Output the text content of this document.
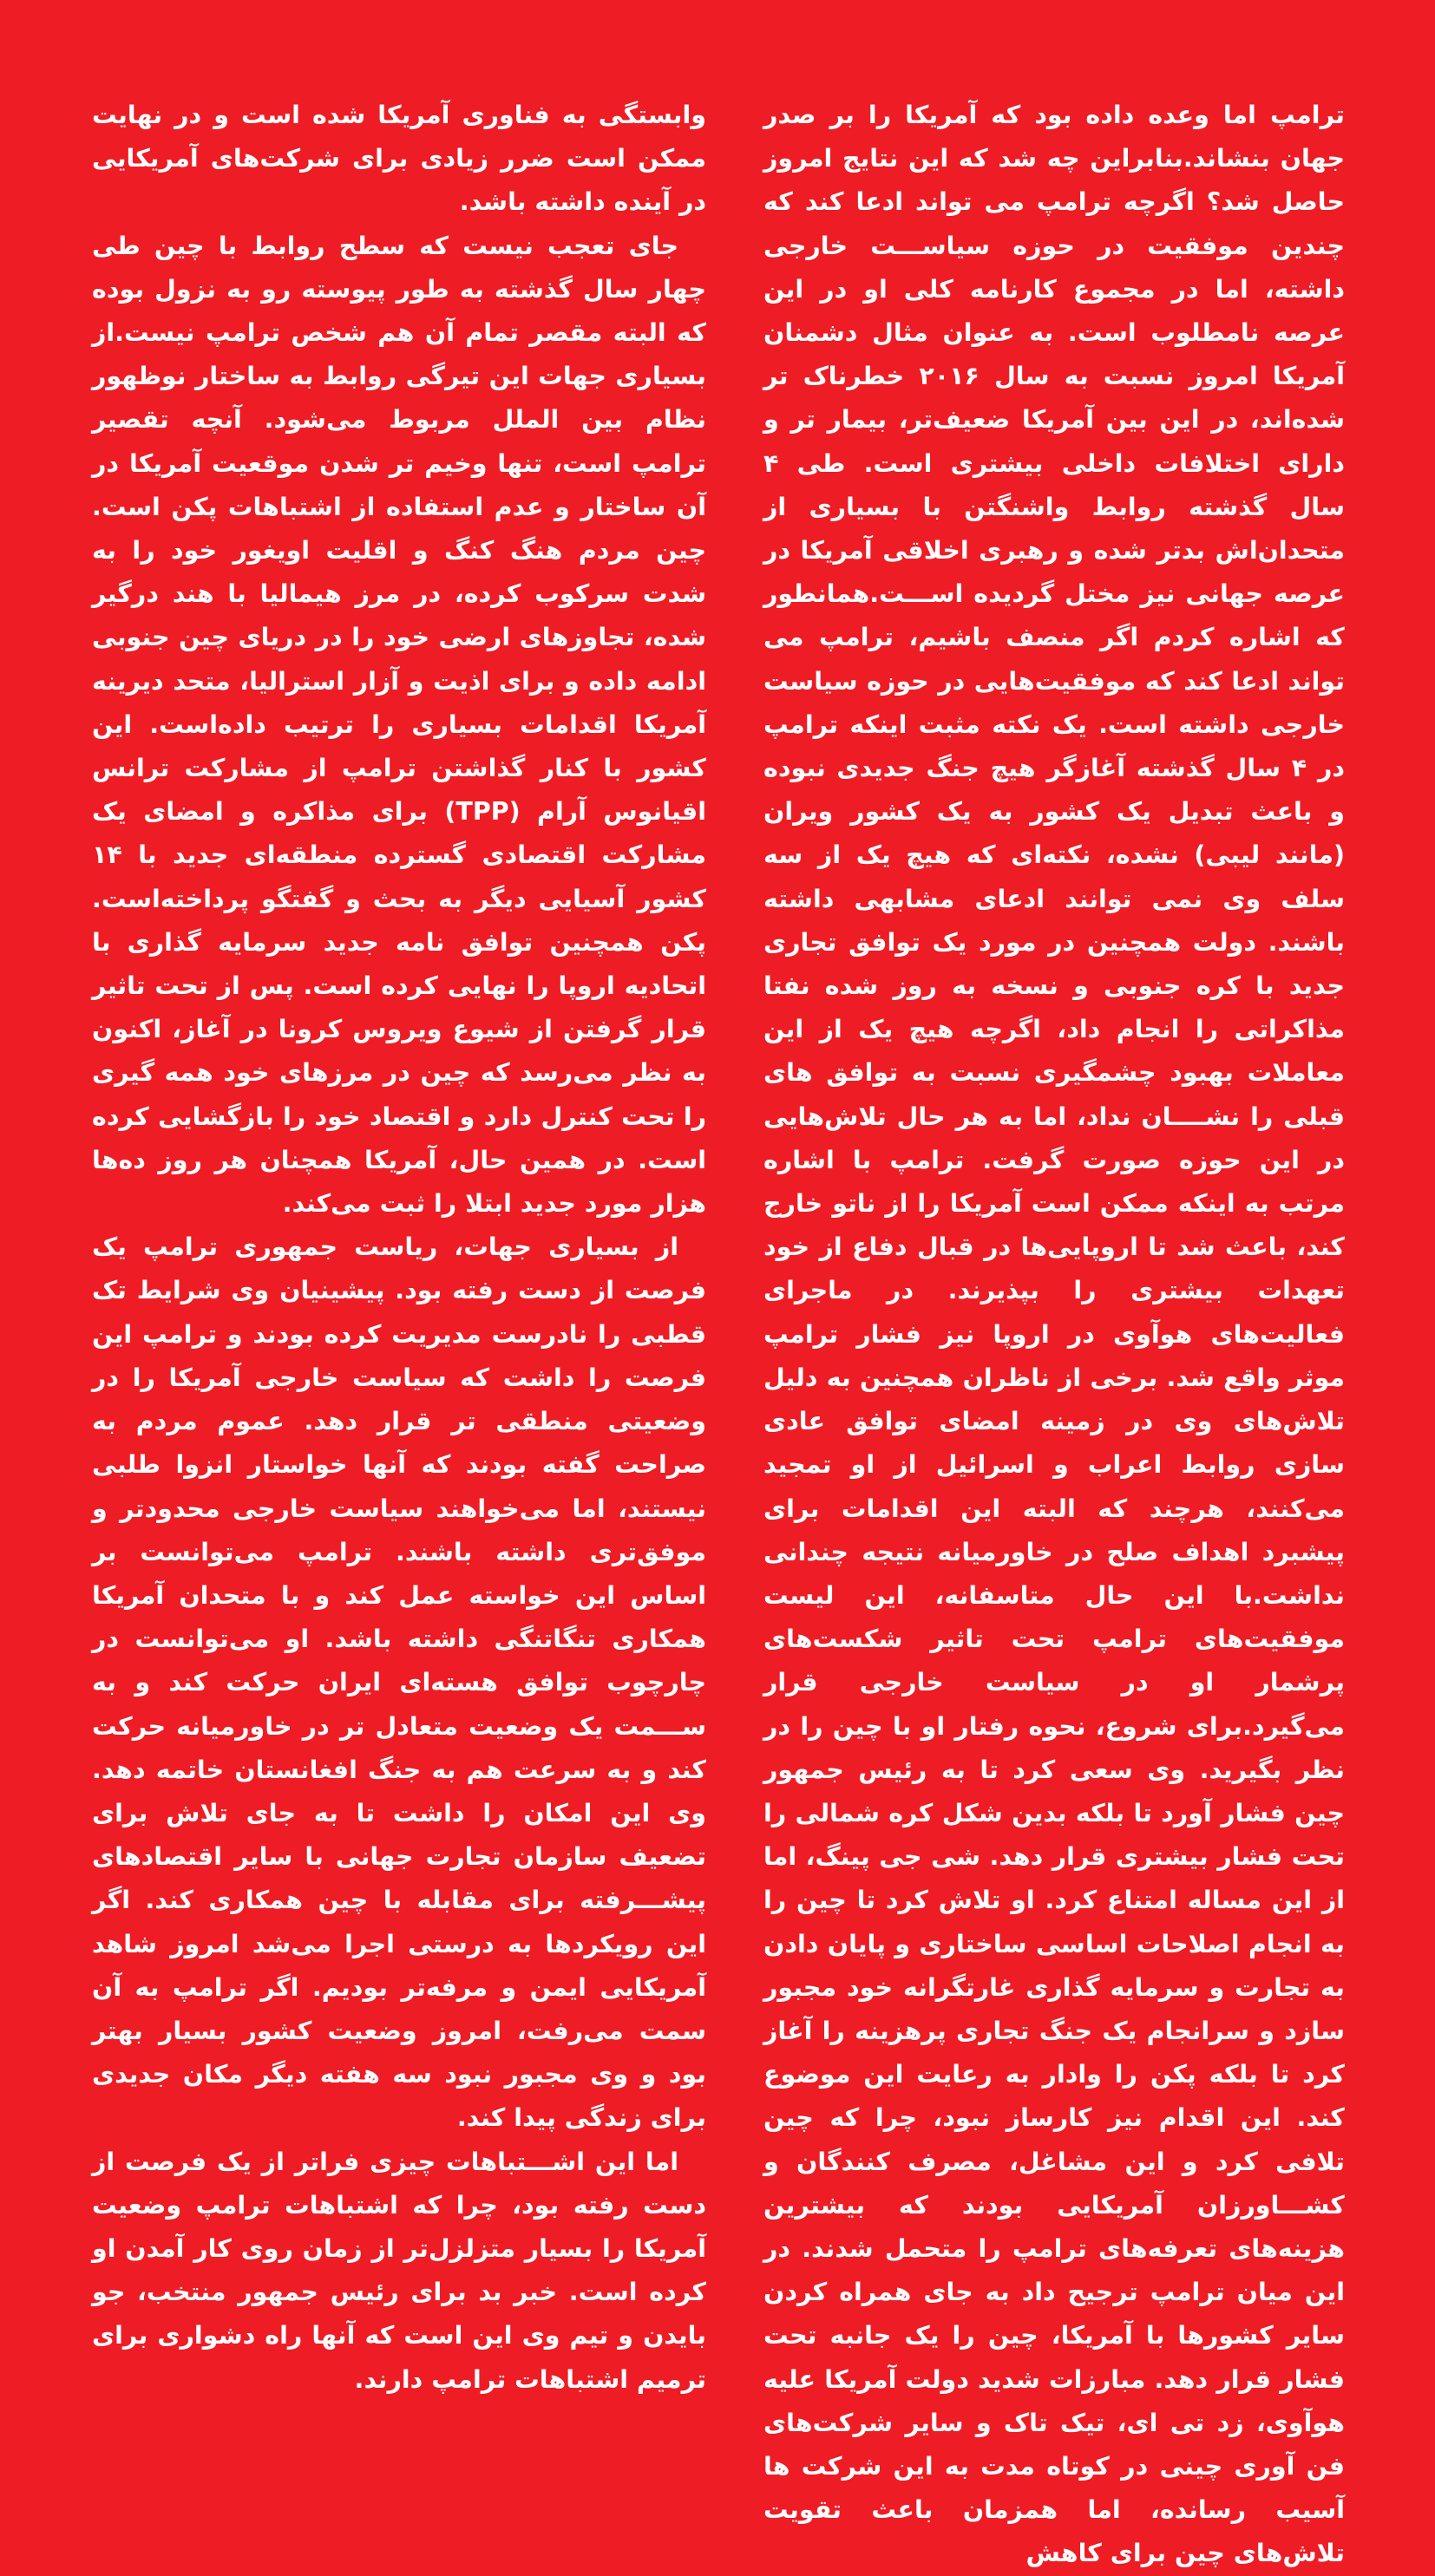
ترامپ اما وعده داده بود که آمریکا را بر صدر جهان بنشاند.بنابراین چه شد که این نتایج امروز حاصل شد؟ اگرچه ترامپ می تواند ادعا کند که چندین موفقیت در حوزه سیاســـت خارجی داشته، اما در مجموع کارنامه کلی او در این عرصه نامطلوب است. به عنوان مثال دشمنان آمریکا امروز نسبت به سال ۲۰۱۶ خطرناک تر شده‌اند، در این بین آمریکا ضعیف‌تر، بیمار تر و دارای اختلافات داخلی بیشتری است. طی ۴ سال گذشته روابط واشنگتن با بسیاری از متحدان‌اش بدتر شده و رهبری اخلاقی آمریکا در عرصه جهانی نیز مختل گردیده اســـت.همانطور که اشاره کردم اگر منصف باشیم، ترامپ می تواند ادعا کند که موفقیت‌هایی در حوزه سیاست خارجی داشته است. یک نکته مثبت اینکه ترامپ در ۴ سال گذشته آغازگر هیچ جنگ جدیدی نبوده و باعث تبدیل یک کشور به یک کشور ویران (مانند لیبی) نشده، نکته‌ای که هیچ یک از سه سلف وی نمی توانند ادعای مشابهی داشته باشند. دولت همچنین در مورد یک توافق تجاری جدید با کره جنوبی و نسخه به روز شده نفتا مذاکراتی را انجام داد، اگرچه هیچ یک از این معاملات بهبود چشمگیری نسبت به توافق های قبلی را نشــــان نداد، اما به هر حال تلاش‌هایی در این حوزه صورت گرفت. ترامپ با اشاره مرتب به اینکه ممکن است آمریکا را از ناتو خارج کند، باعث شد تا اروپایی‌ها در قبال دفاع از خود تعهدات بیشتری را بپذیرند. در ماجرای فعالیت‌های هوآوی در اروپا نیز فشار ترامپ موثر واقع شد. برخی از ناظران همچنین به دلیل تلاش‌های وی در زمینه امضای توافق عادی سازی روابط اعراب و اسرائیل از او تمجید می‌کنند، هرچند که البته این اقدامات برای پیشبرد اهداف صلح در خاورمیانه نتیجه چندانی نداشت.با این حال متاسفانه، این لیست موفقیت‌های ترامپ تحت تاثیر شکست‌های پرشمار او در سیاست خارجی قرار می‌گیرد.برای شروع، نحوه رفتار او با چین را در نظر بگیرید. وی سعی کرد تا به رئیس جمهور چین فشار آورد تا بلکه بدین شکل کره شمالی را تحت فشار بیشتری قرار دهد. شی جی پینگ، اما از این مساله امتناع کرد. او تلاش کرد تا چین را به انجام اصلاحات اساسی ساختاری و پایان دادن به تجارت و سرمایه گذاری غارتگرانه خود مجبور سازد و سرانجام یک جنگ تجاری پرهزینه را آغاز کرد تا بلکه پکن را وادار به رعایت این موضوع کند. این اقدام نیز کارساز نبود، چرا که چین تلافی کرد و این مشاغل، مصرف کنندگان و کشـــاورزان آمریکایی بودند که بیشترین هزینه‌های تعرفه‌های ترامپ را متحمل شدند. در این میان ترامپ ترجیح داد به جای همراه کردن سایر کشورها با آمریکا، چین را یک جانبه تحت فشار قرار دهد. مبارزات شدید دولت آمریکا علیه هوآوی، زد تی ای، تیک تاک و سایر شرکت‌های فن آوری چینی در کوتاه مدت به این شرکت ها آسیب رسانده، اما همزمان باعث تقویت تلاش‌های چین برای کاهش

وابستگی به فناوری آمریکا شده است و در نهایت ممکن است ضرر زیادی برای شرکت‌های آمریکایی در آینده داشته باشد.

جای تعجب نیست که سطح روابط با چین طی چهار سال گذشته به طور پیوسته رو به نزول بوده که البته مقصر تمام آن هم شخص ترامپ نیست.از بسیاری جهات این تیرگی روابط به ساختار نوظهور نظام بین الملل مربوط می‌شود. آنچه تقصیر ترامپ است، تنها وخیم تر شدن موقعیت آمریکا در آن ساختار و عدم استفاده از اشتباهات پکن است. چین مردم هنگ کنگ و اقلیت اویغور خود را به شدت سرکوب کرده، در مرز هیمالیا با هند درگیر شده، تجاوزهای ارضی خود را در دریای چین جنوبی ادامه داده و برای اذیت و آزار استرالیا، متحد دیرینه آمریکا اقدامات بسیاری را ترتیب داده‌است. این کشور با کنار گذاشتن ترامپ از مشارکت ترانس اقیانوس آرام (TPP) برای مذاکره و امضای یک مشارکت اقتصادی گسترده منطقه‌ای جدید با ۱۴ کشور آسیایی دیگر به بحث و گفتگو پرداخته‌است. پکن همچنین توافق نامه جدید سرمایه گذاری با اتحادیه اروپا را نهایی کرده است. پس از تحت تاثیر قرار گرفتن از شیوع ویروس کرونا در آغاز، اکنون به نظر می‌رسد که چین در مرزهای خود همه گیری را تحت کنترل دارد و اقتصاد خود را بازگشایی کرده است. در همین حال، آمریکا همچنان هر روز ده‌ها هزار مورد جدید ابتلا را ثبت می‌کند.

از بسیاری جهات، ریاست جمهوری ترامپ یک فرصت از دست رفته بود. پیشینیان وی شرایط تک قطبی را نادرست مدیریت کرده بودند و ترامپ این فرصت را داشت که سیاست خارجی آمریکا را در وضعیتی منطقی تر قرار دهد. عموم مردم به صراحت گفته بودند که آنها خواستار انزوا طلبی نیستند، اما می‌خواهند سیاست خارجی محدودتر و موفق‌تری داشته باشند. ترامپ می‌توانست بر اساس این خواسته عمل کند و با متحدان آمریکا همکاری تنگاتنگی داشته باشد. او می‌توانست در چارچوب توافق هسته‌ای ایران حرکت کند و به ســـمت یک وضعیت متعادل تر در خاورمیانه حرکت کند و به سرعت هم به جنگ افغانستان خاتمه دهد. وی این امکان را داشت تا به جای تلاش برای تضعیف سازمان تجارت جهانی با سایر اقتصادهای پیشـــرفته برای مقابله با چین همکاری کند. اگر این رویکردها به درستی اجرا می‌شد امروز شاهد آمریکایی ایمن و مرفه‌تر بودیم. اگر ترامپ به آن سمت می‌رفت، امروز وضعیت کشور بسیار بهتر بود و وی مجبور نبود سه هفته دیگر مکان جدیدی برای زندگی پیدا کند.

اما این اشـــتباهات چیزی فراتر از یک فرصت از دست رفته بود، چرا که اشتباهات ترامپ وضعیت آمریکا را بسیار متزلزل‌تر از زمان روی کار آمدن او کرده است. خبر بد برای رئیس جمهور منتخب، جو بایدن و تیم وی این است که آنها راه دشواری برای ترمیم اشتباهات ترامپ دارند.
